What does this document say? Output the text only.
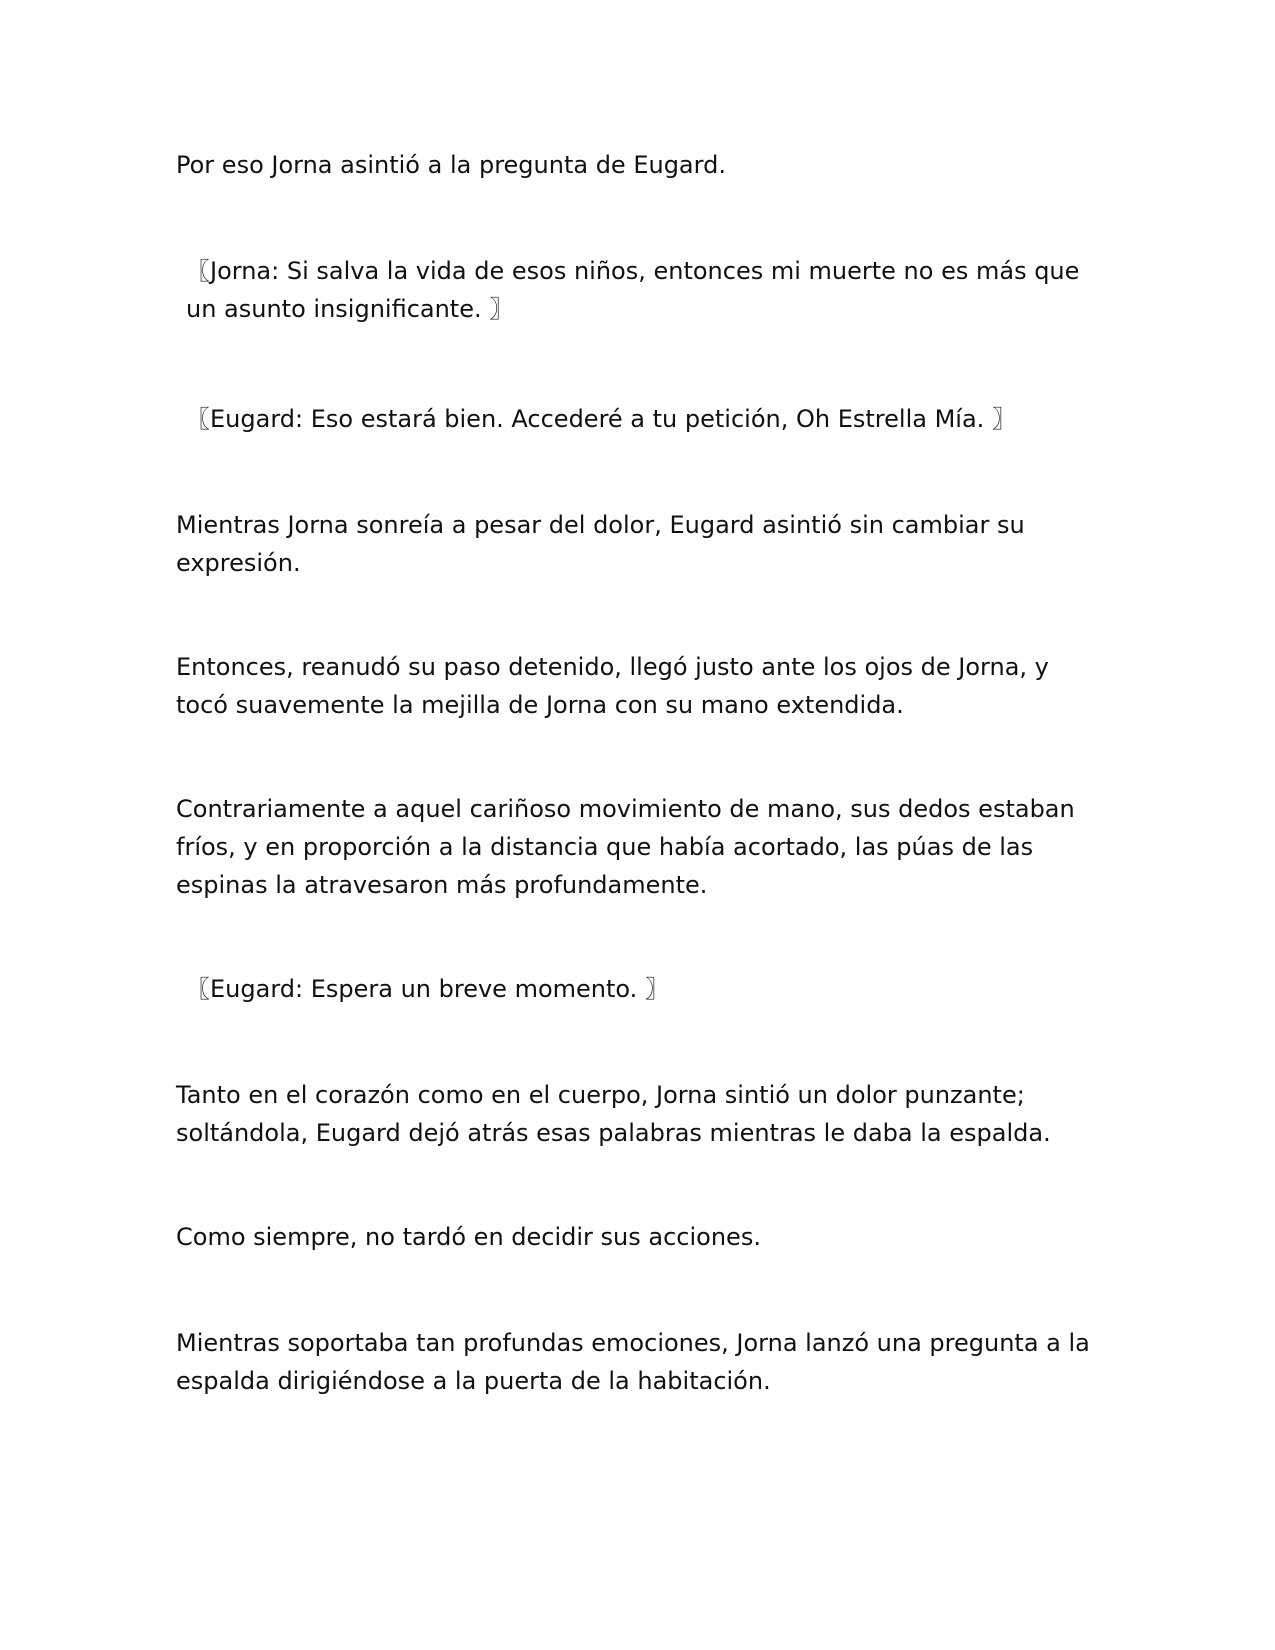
Por eso Jorna asintió a la pregunta de Eugard.

〖Jorna: Si salva la vida de esos niños, entonces mi muerte no es más que un asunto insignificante. 〗

〖Eugard: Eso estará bien. Accederé a tu petición, Oh Estrella Mía. 〗

Mientras Jorna sonreía a pesar del dolor, Eugard asintió sin cambiar su expresión.

Entonces, reanudó su paso detenido, llegó justo ante los ojos de Jorna, y tocó suavemente la mejilla de Jorna con su mano extendida.

Contrariamente a aquel cariñoso movimiento de mano, sus dedos estaban fríos, y en proporción a la distancia que había acortado, las púas de las espinas la atravesaron más profundamente.

〖Eugard: Espera un breve momento. 〗

Tanto en el corazón como en el cuerpo, Jorna sintió un dolor punzante; soltándola, Eugard dejó atrás esas palabras mientras le daba la espalda.

Como siempre, no tardó en decidir sus acciones.

Mientras soportaba tan profundas emociones, Jorna lanzó una pregunta a la espalda dirigiéndose a la puerta de la habitación.
